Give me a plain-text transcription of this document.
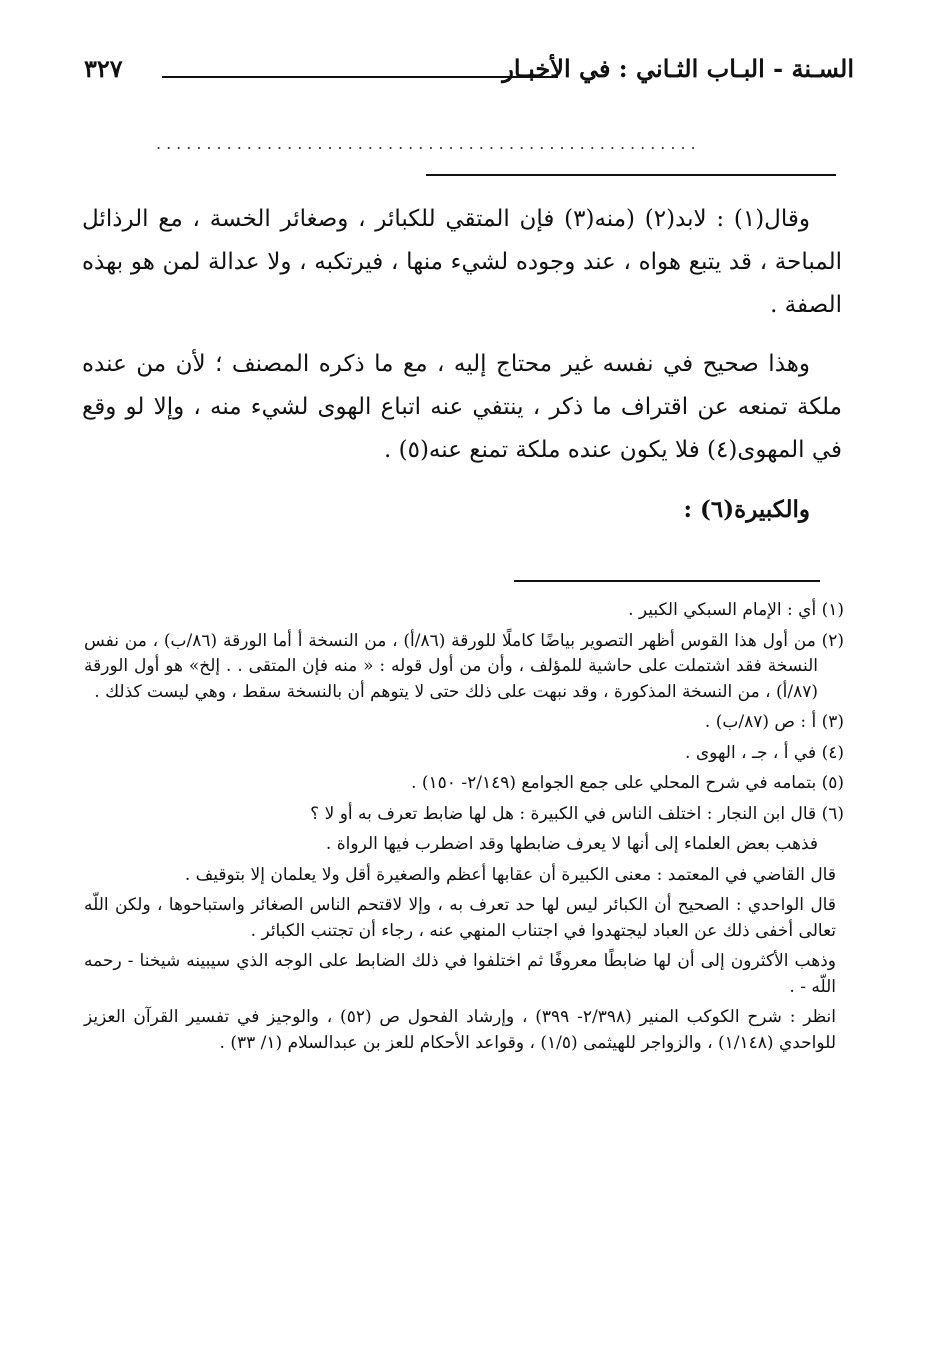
السـنة - البـاب الثـاني : في الأخبـار
٣٢٧
......................................................

وقال(١) : لابد(٢) (منه(٣) فإن المتقي للكبائر ، وصغائر الخسة ، مع الرذائل المباحة ، قد يتبع هواه ، عند وجوده لشيء منها ، فيرتكبه ، ولا عدالة لمن هو بهذه الصفة .

وهذا صحيح في نفسه غير محتاج إليه ، مع ما ذكره المصنف ؛ لأن من عنده ملكة تمنعه عن اقتراف ما ذكر ، ينتفي عنه اتباع الهوى لشيء منه ، وإلا لو وقع في المهوى(٤) فلا يكون عنده ملكة تمنع عنه(٥) .

والكبيرة(٦) :

(١) أي : الإمام السبكي الكبير .

(٢) من أول هذا القوس أظهر التصوير بياضًا كاملًا للورقة (٨٦/أ) ، من النسخة أ أما الورقة (٨٦/ب) ، من نفس النسخة فقد اشتملت على حاشية للمؤلف ، وأن من أول قوله : « منه فإن المتقى . . إلخ» هو أول الورقة (٨٧/أ) ، من النسخة المذكورة ، وقد نبهت على ذلك حتى لا يتوهم أن بالنسخة سقط ، وهي ليست كذلك .

(٣) أ : ص (٨٧/ب) .

(٤) في أ ، جـ ، الهوى .

(٥) بتمامه في شرح المحلي على جمع الجوامع (٢/١٤٩- ١٥٠) .

(٦) قال ابن النجار : اختلف الناس في الكبيرة : هل لها ضابط تعرف به أو لا ؟

فذهب بعض العلماء إلى أنها لا يعرف ضابطها وقد اضطرب فيها الرواة .

قال القاضي في المعتمد : معنى الكبيرة أن عقابها أعظم والصغيرة أقل ولا يعلمان إلا بتوقيف .

قال الواحدي : الصحيح أن الكبائر ليس لها حد تعرف به ، وإلا لاقتحم الناس الصغائر واستباحوها ، ولكن اللّه تعالى أخفى ذلك عن العباد ليجتهدوا في اجتناب المنهي عنه ، رجاء أن تجتنب الكبائر .

وذهب الأكثرون إلى أن لها ضابطًا معروفًا ثم اختلفوا في ذلك الضابط على الوجه الذي سيبينه شيخنا - رحمه اللّه - .

انظر : شرح الكوكب المنير (٢/٣٩٨- ٣٩٩) ، وإرشاد الفحول ص (٥٢) ، والوجيز في تفسير القرآن العزيز للواحدي (١/١٤٨) ، والزواجر للهيثمى (١/٥) ، وقواعد الأحكام للعز بن عبدالسلام (١/ ٣٣) .
